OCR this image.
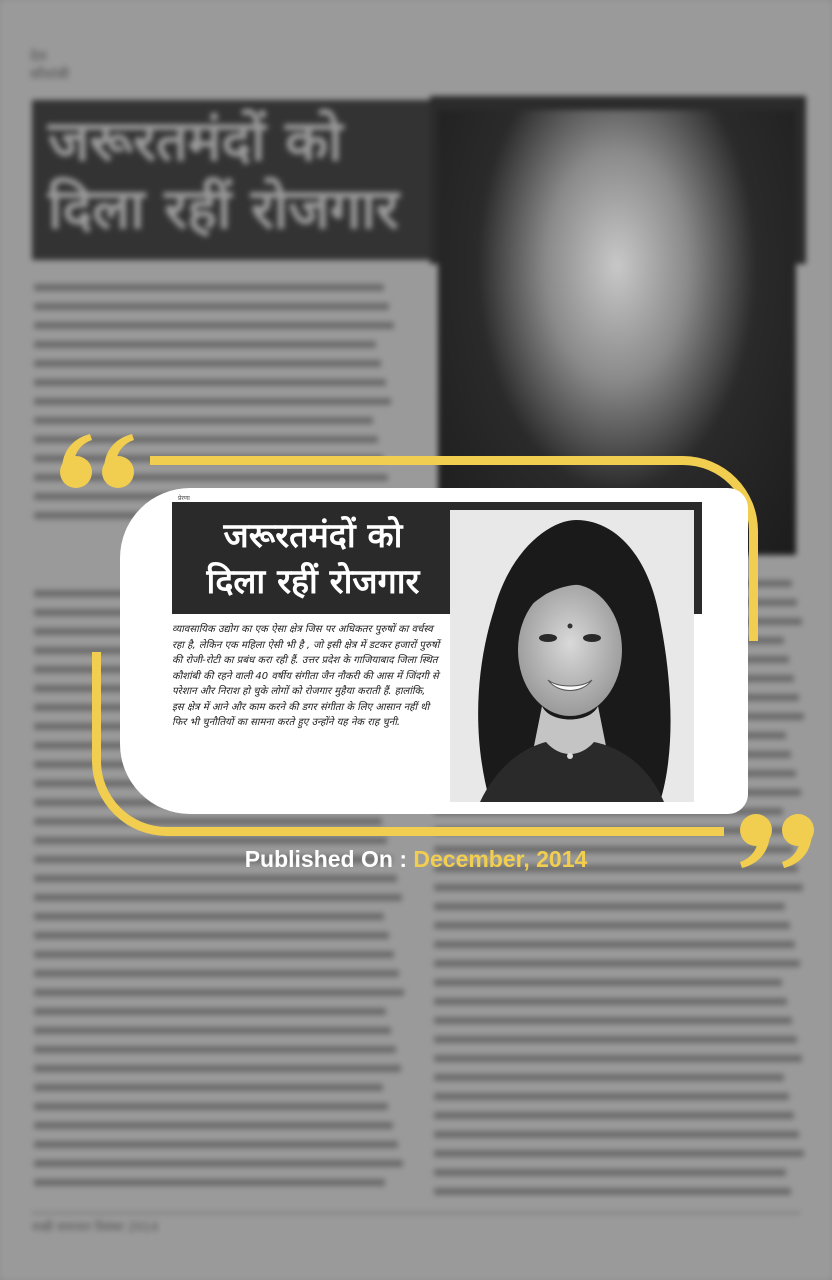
देश
कौशांबी
जरूरतमंदों को
दिला रहीं रोजगार
सखी समाचार दिसंबर 2014
प्रेरणा
जरूरतमंदों को
दिला रहीं रोजगार
व्यावसायिक उद्योग का एक ऐसा क्षेत्र जिस पर अधिकतर पुरुषों का वर्चस्व रहा है, लेकिन एक महिला ऐसी भी है , जो इसी क्षेत्र में डटकर हजारों पुरुषों की रोजी-रोटी का प्रबंध करा रही हैं. उत्तर प्रदेश के गाजियाबाद जिला स्थित कौशांबी की रहने वाली 40 वर्षीय संगीता जैन नौकरी की आस में जिंदगी से परेशान और निराश हो चुके लोगों को रोजगार मुहैया कराती हैं. हालांकि, इस क्षेत्र में आने और काम करने की डगर संगीता के लिए आसान नहीं थी फिर भी चुनौतियों का सामना करते हुए उन्होंने यह नेक राह चुनी.
Published On : December, 2014
